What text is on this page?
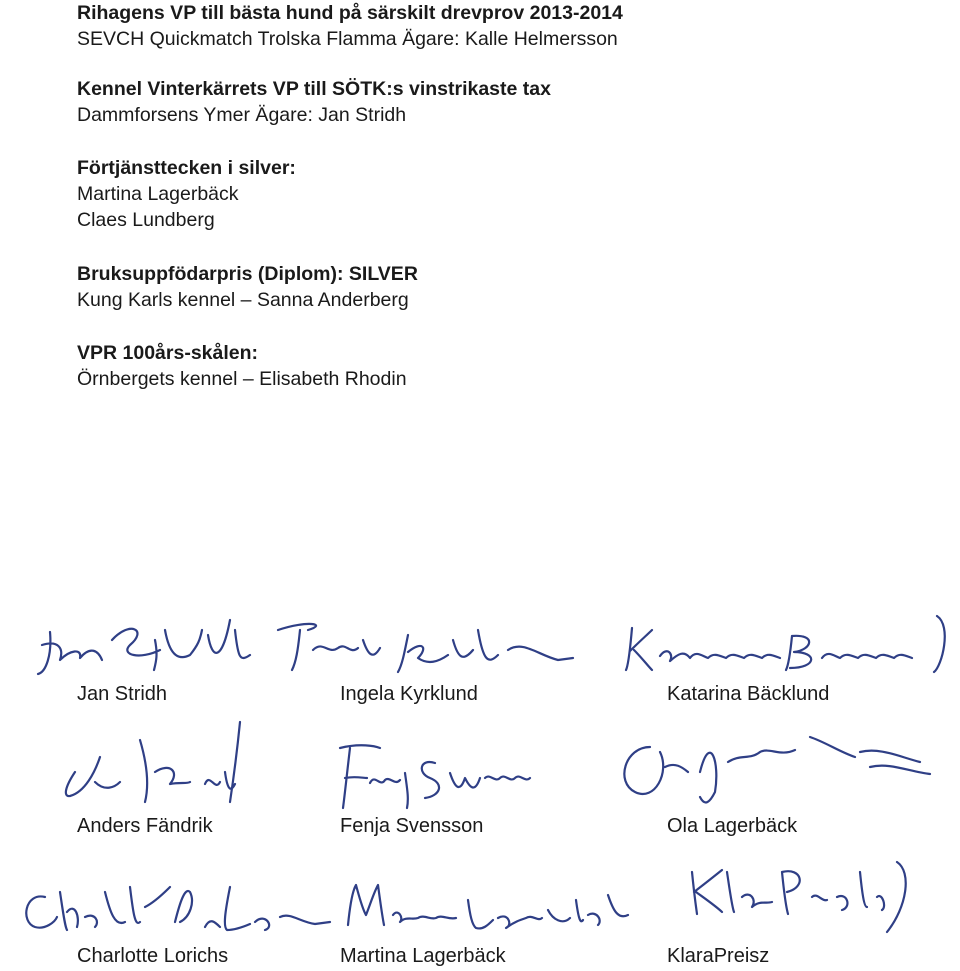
Rihagens VP till bästa hund på särskilt drevprov 2013-2014
SEVCH Quickmatch Trolska Flamma Ägare: Kalle Helmersson
Kennel Vinterkärrets VP till SÖTK:s vinstrikaste tax
Dammforsens Ymer Ägare: Jan Stridh
Förtjänsttecken i silver:
Martina Lagerbäck
Claes Lundberg
Bruksuppfödarpris (Diplom): SILVER
Kung Karls kennel – Sanna Anderberg
VPR 100års-skålen:
Örnbergets kennel – Elisabeth Rhodin
Jan Stridh	Ingela Kyrklund	Katarina Bäcklund
Anders Fändrik	Fenja Svensson	Ola Lagerbäck
Charlotte Lorichs	Martina Lagerbäck	KlaraPreisz
